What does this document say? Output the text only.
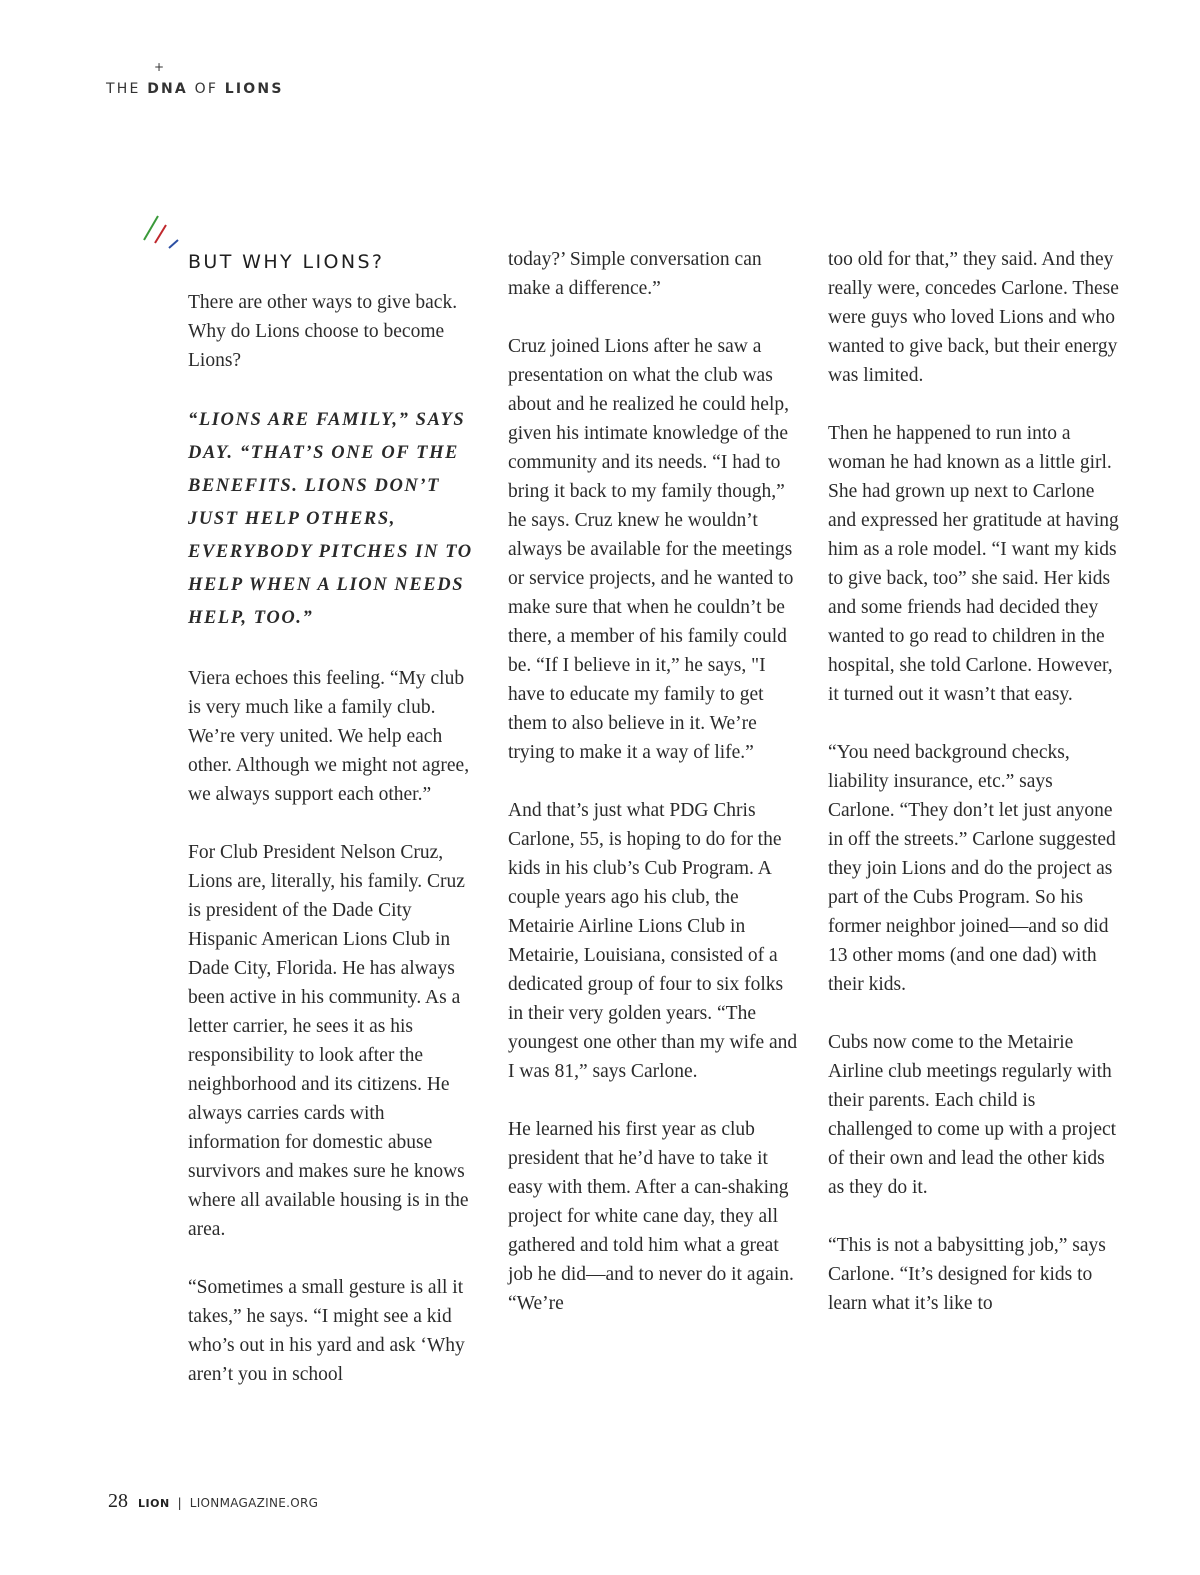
+
THE DNA OF LIONS
BUT WHY LIONS?

There are other ways to give back. Why do Lions choose to become Lions?

“LIONS ARE FAMILY,” SAYS DAY. “THAT’S ONE OF THE BENEFITS. LIONS DON’T JUST HELP OTHERS, EVERYBODY PITCHES IN TO HELP WHEN A LION NEEDS HELP, TOO.”

Viera echoes this feeling. “My club is very much like a family club. We’re very united. We help each other. Although we might not agree, we always support each other.”

For Club President Nelson Cruz, Lions are, literally, his family. Cruz is president of the Dade City Hispanic American Lions Club in Dade City, Florida. He has always been active in his community. As a letter carrier, he sees it as his responsibility to look after the neighborhood and its citizens. He always carries cards with information for domestic abuse survivors and makes sure he knows where all available housing is in the area.

“Sometimes a small gesture is all it takes,” he says. “I might see a kid who’s out in his yard and ask ‘Why aren’t you in school

today?’ Simple conversation can make a difference.”

Cruz joined Lions after he saw a presentation on what the club was about and he realized he could help, given his intimate knowledge of the community and its needs. “I had to bring it back to my family though,” he says. Cruz knew he wouldn’t always be available for the meetings or service projects, and he wanted to make sure that when he couldn’t be there, a member of his family could be. “If I believe in it,” he says, "I have to educate my family to get them to also believe in it. We’re trying to make it a way of life.”

And that’s just what PDG Chris Carlone, 55, is hoping to do for the kids in his club’s Cub Program. A couple years ago his club, the Metairie Airline Lions Club in Metairie, Louisiana, consisted of a dedicated group of four to six folks in their very golden years. “The youngest one other than my wife and I was 81,” says Carlone.

He learned his first year as club president that he’d have to take it easy with them. After a can-shaking project for white cane day, they all gathered and told him what a great job he did—and to never do it again. “We’re

too old for that,” they said. And they really were, concedes Carlone. These were guys who loved Lions and who wanted to give back, but their energy was limited.

Then he happened to run into a woman he had known as a little girl. She had grown up next to Carlone and expressed her gratitude at having him as a role model. “I want my kids to give back, too” she said. Her kids and some friends had decided they wanted to go read to children in the hospital, she told Carlone. However, it turned out it wasn’t that easy.

“You need background checks, liability insurance, etc.” says Carlone. “They don’t let just anyone in off the streets.” Carlone suggested they join Lions and do the project as part of the Cubs Program. So his former neighbor joined—and so did 13 other moms (and one dad) with their kids.

Cubs now come to the Metairie Airline club meetings regularly with their parents. Each child is challenged to come up with a project of their own and lead the other kids as they do it.

“This is not a babysitting job,” says Carlone. “It’s designed for kids to learn what it’s like to

28 LION | LIONMAGAZINE.ORG
